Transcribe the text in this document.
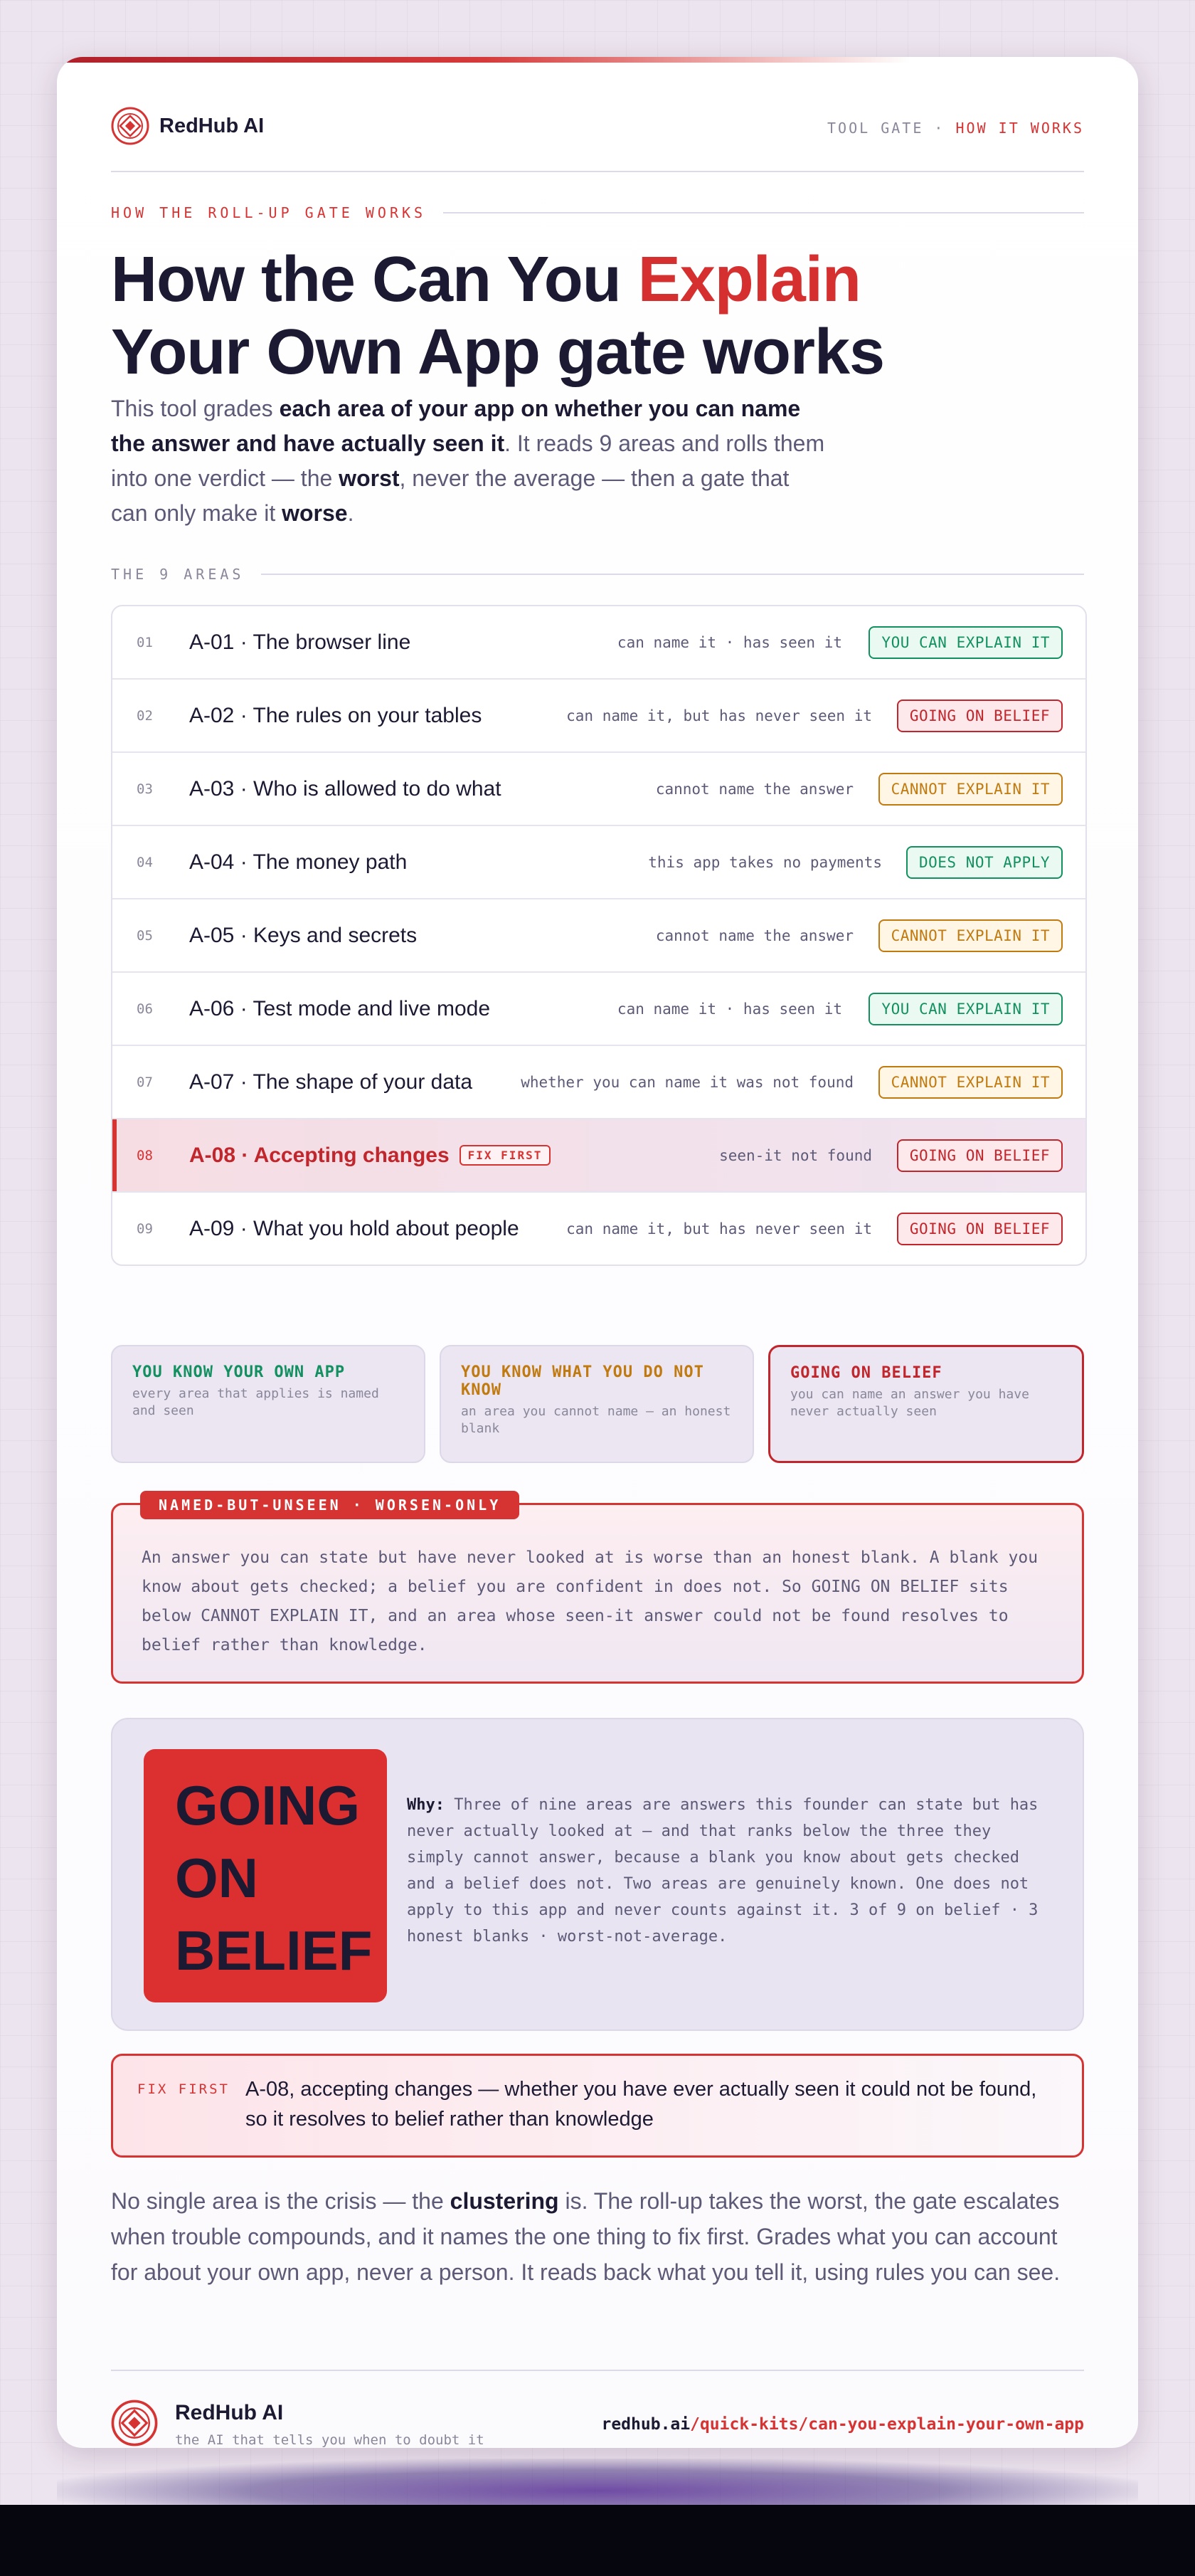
RedHub AI	TOOL GATE · HOW IT WORKS
HOW THE ROLL-UP GATE WORKS
How the Can You Explain
Your Own App gate works

This tool grades each area of your app on whether you can name the answer and have actually seen it. It reads 9 areas and rolls them into one verdict — the worst, never the average — then a gate that can only make it worse.

THE 9 AREAS
01 A-01 · The browser line	can name it · has seen it	YOU CAN EXPLAIN IT
02 A-02 · The rules on your tables	can name it, but has never seen it	GOING ON BELIEF
03 A-03 · Who is allowed to do what	cannot name the answer	CANNOT EXPLAIN IT
04 A-04 · The money path	this app takes no payments	DOES NOT APPLY
05 A-05 · Keys and secrets	cannot name the answer	CANNOT EXPLAIN IT
06 A-06 · Test mode and live mode	can name it · has seen it	YOU CAN EXPLAIN IT
07 A-07 · The shape of your data	whether you can name it was not found	CANNOT EXPLAIN IT
08 A-08 · Accepting changes FIX FIRST	seen-it not found	GOING ON BELIEF
09 A-09 · What you hold about people	can name it, but has never seen it	GOING ON BELIEF
YOU KNOW YOUR OWN APP
every area that applies is named and seen
YOU KNOW WHAT YOU DO NOT KNOW
an area you cannot name — an honest blank
GOING ON BELIEF
you can name an answer you have never actually seen
NAMED-BUT-UNSEEN · WORSEN-ONLY
An answer you can state but have never looked at is worse than an honest blank. A blank you know about gets checked; a belief you are confident in does not. So GOING ON BELIEF sits below CANNOT EXPLAIN IT, and an area whose seen-it answer could not be found resolves to belief rather than knowledge.
GOING
ON
BELIEF
Why: Three of nine areas are answers this founder can state but has never actually looked at — and that ranks below the three they simply cannot answer, because a blank you know about gets checked and a belief does not. Two areas are genuinely known. One does not apply to this app and never counts against it. 3 of 9 on belief · 3 honest blanks · worst-not-average.
FIX FIRST A-08, accepting changes — whether you have ever actually seen it could not be found, so it resolves to belief rather than knowledge

No single area is the crisis — the clustering is. The roll-up takes the worst, the gate escalates when trouble compounds, and it names the one thing to fix first. Grades what you can account for about your own app, never a person. It reads back what you tell it, using rules you can see.

RedHub AI
the AI that tells you when to doubt it
redhub.ai/quick-kits/can-you-explain-your-own-app
